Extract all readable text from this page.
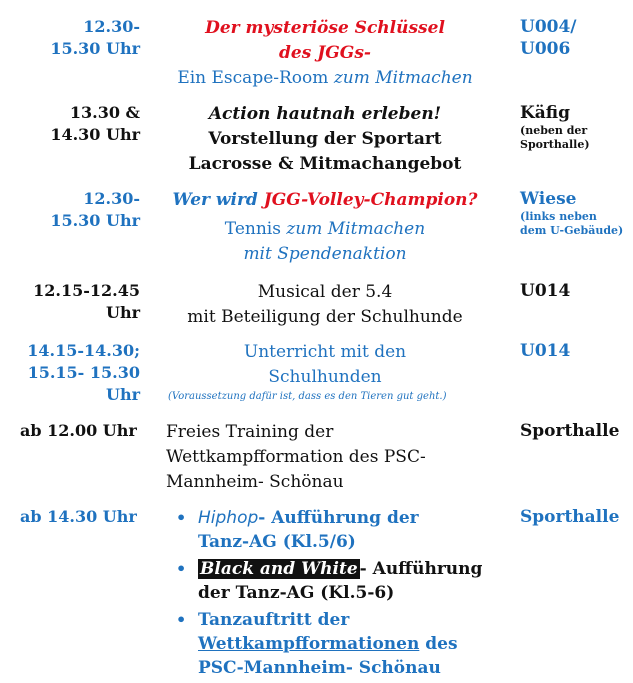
12.30-
15.30 Uhr
Der mysteriöse Schlüssel
des JGGs-
Ein Escape-Room zum Mitmachen
U004/
U006
13.30 &
14.30 Uhr
Action hautnah erleben!
Vorstellung der Sportart
Lacrosse & Mitmachangebot
Käfig
(neben der
Sporthalle)
12.30-
15.30 Uhr
Wer wird JGG-Volley-Champion?
Tennis zum Mitmachen
mit Spendenaktion
Wiese
(links neben
dem U-Gebäude)
12.15-12.45
Uhr
Musical der 5.4
mit Beteiligung der Schulhunde
U014
14.15-14.30;
15.15- 15.30
Uhr
Unterricht mit den
Schulhunden
(Voraussetzung dafür ist, dass es den Tieren gut geht.)
U014
ab 12.00 Uhr	Freies Training der
Wettkampfformation des PSC-
Mannheim- Schönau
Sporthalle
ab 14.30 Uhr	• Hiphop- Aufführung der
Tanz-AG (Kl.5/6)
• Black and White - Aufführung
der Tanz-AG (Kl.5-6)
• Tanzauftritt der
Wettkampfformationen des
PSC-Mannheim- Schönau
Sporthalle
